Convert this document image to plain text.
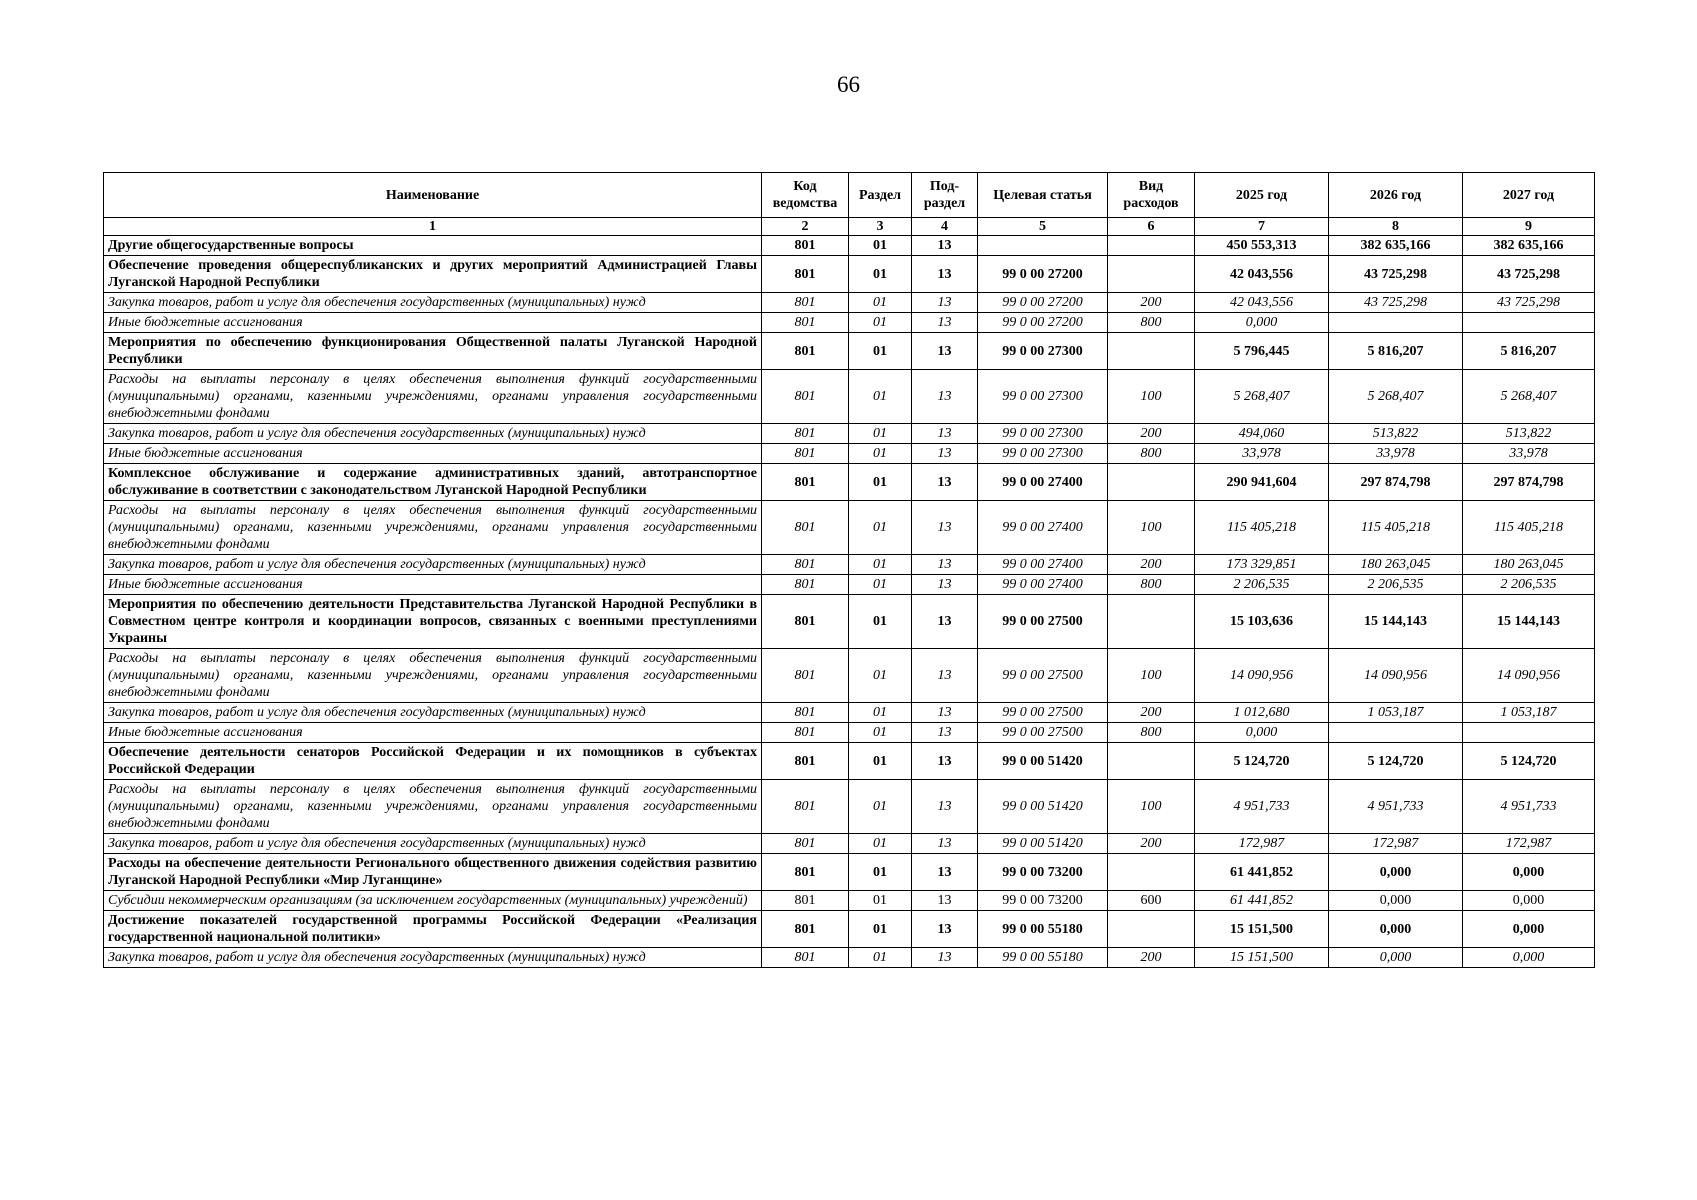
66
Наименование	Код ведомства	Раздел	Под-раздел	Целевая статья	Вид расходов	2025 год	2026 год	2027 год
1	2	3	4	5	6	7	8	9
Другие общегосударственные вопросы	801	01	13			450 553,313	382 635,166	382 635,166
Обеспечение проведения общереспубликанских и других мероприятий Администрацией Главы Луганской Народной Республики	801	01	13	99 0 00 27200		42 043,556	43 725,298	43 725,298
Закупка товаров, работ и услуг для обеспечения государственных (муниципальных) нужд	801	01	13	99 0 00 27200	200	42 043,556	43 725,298	43 725,298
Иные бюджетные ассигнования	801	01	13	99 0 00 27200	800	0,000		
Мероприятия по обеспечению функционирования Общественной палаты Луганской Народной Республики	801	01	13	99 0 00 27300		5 796,445	5 816,207	5 816,207
Расходы на выплаты персоналу в целях обеспечения выполнения функций государственными (муниципальными) органами, казенными учреждениями, органами управления государственными внебюджетными фондами	801	01	13	99 0 00 27300	100	5 268,407	5 268,407	5 268,407
Закупка товаров, работ и услуг для обеспечения государственных (муниципальных) нужд	801	01	13	99 0 00 27300	200	494,060	513,822	513,822
Иные бюджетные ассигнования	801	01	13	99 0 00 27300	800	33,978	33,978	33,978
Комплексное обслуживание и содержание административных зданий, автотранспортное обслуживание в соответствии с законодательством Луганской Народной Республики	801	01	13	99 0 00 27400		290 941,604	297 874,798	297 874,798
Расходы на выплаты персоналу в целях обеспечения выполнения функций государственными (муниципальными) органами, казенными учреждениями, органами управления государственными внебюджетными фондами	801	01	13	99 0 00 27400	100	115 405,218	115 405,218	115 405,218
Закупка товаров, работ и услуг для обеспечения государственных (муниципальных) нужд	801	01	13	99 0 00 27400	200	173 329,851	180 263,045	180 263,045
Иные бюджетные ассигнования	801	01	13	99 0 00 27400	800	2 206,535	2 206,535	2 206,535
Мероприятия по обеспечению деятельности Представительства Луганской Народной Республики в Совместном центре контроля и координации вопросов, связанных с военными преступлениями Украины	801	01	13	99 0 00 27500		15 103,636	15 144,143	15 144,143
Расходы на выплаты персоналу в целях обеспечения выполнения функций государственными (муниципальными) органами, казенными учреждениями, органами управления государственными внебюджетными фондами	801	01	13	99 0 00 27500	100	14 090,956	14 090,956	14 090,956
Закупка товаров, работ и услуг для обеспечения государственных (муниципальных) нужд	801	01	13	99 0 00 27500	200	1 012,680	1 053,187	1 053,187
Иные бюджетные ассигнования	801	01	13	99 0 00 27500	800	0,000		
Обеспечение деятельности сенаторов Российской Федерации и их помощников в субъектах Российской Федерации	801	01	13	99 0 00 51420		5 124,720	5 124,720	5 124,720
Расходы на выплаты персоналу в целях обеспечения выполнения функций государственными (муниципальными) органами, казенными учреждениями, органами управления государственными внебюджетными фондами	801	01	13	99 0 00 51420	100	4 951,733	4 951,733	4 951,733
Закупка товаров, работ и услуг для обеспечения государственных (муниципальных) нужд	801	01	13	99 0 00 51420	200	172,987	172,987	172,987
Расходы на обеспечение деятельности Регионального общественного движения содействия развитию Луганской Народной Республики «Мир Луганщине»	801	01	13	99 0 00 73200		61 441,852	0,000	0,000
Субсидии некоммерческим организациям (за исключением государственных (муниципальных) учреждений)	801	01	13	99 0 00 73200	600	61 441,852	0,000	0,000
Достижение показателей государственной программы Российской Федерации «Реализация государственной национальной политики»	801	01	13	99 0 00 55180		15 151,500	0,000	0,000
Закупка товаров, работ и услуг для обеспечения государственных (муниципальных) нужд	801	01	13	99 0 00 55180	200	15 151,500	0,000	0,000
